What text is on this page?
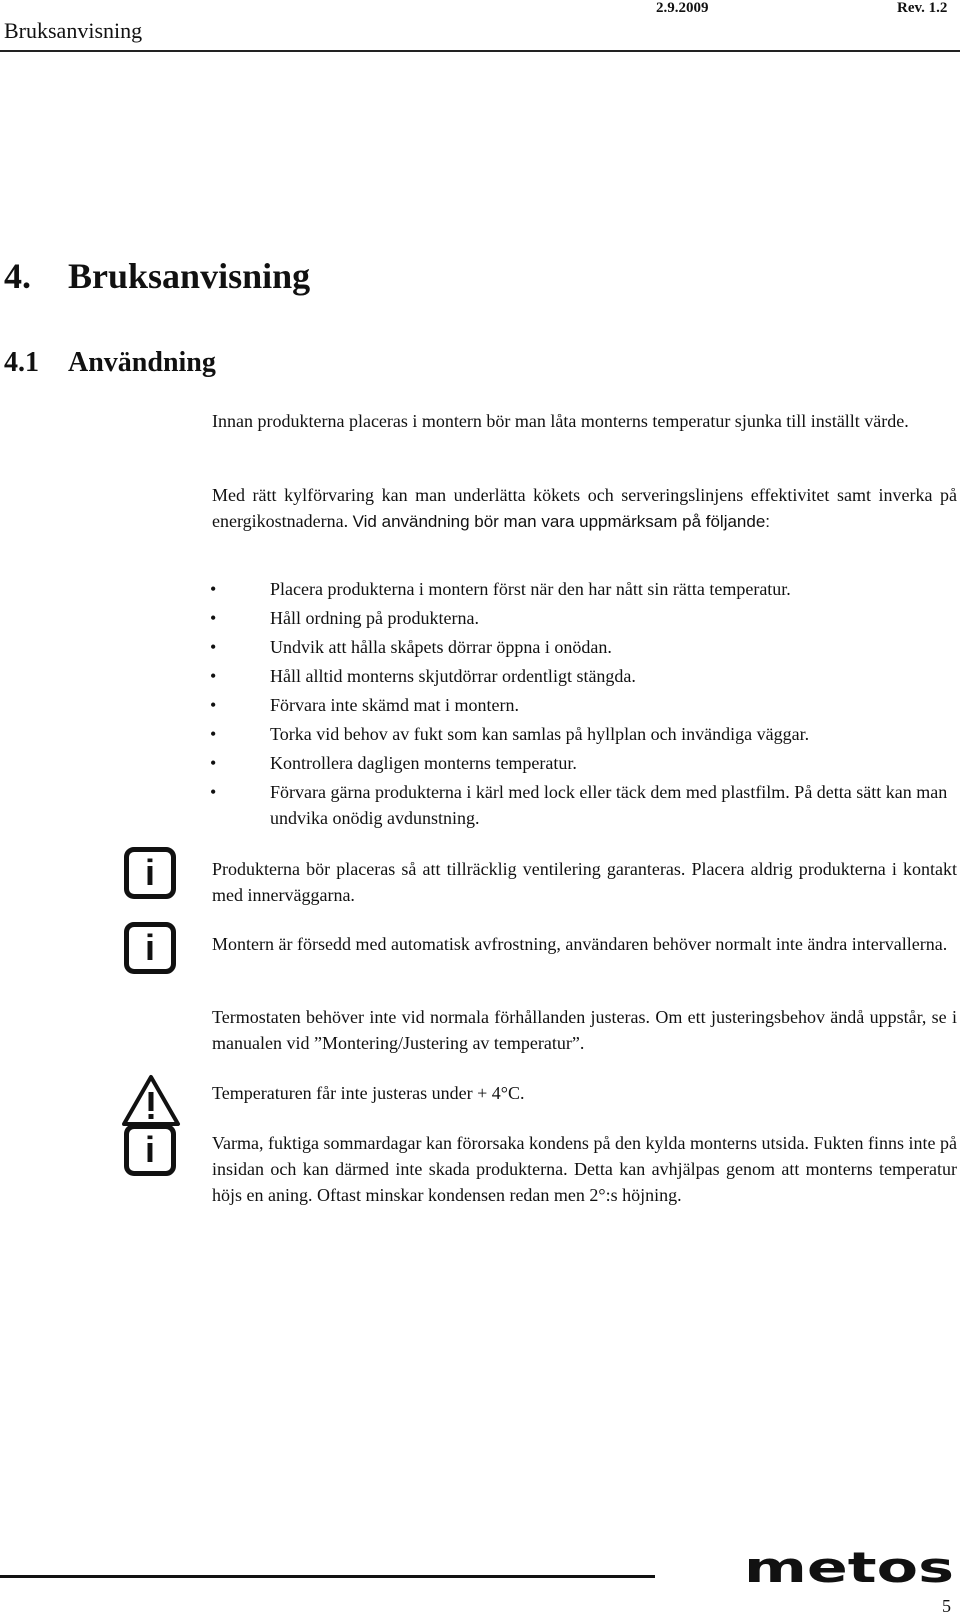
Bruksanvisning
2.9.2009	Rev. 1.2
4. Bruksanvisning
4.1 Användning

Innan produkterna placeras i montern bör man låta monterns temperatur sjunka till inställt värde.

Med rätt kylförvaring kan man underlätta kökets och serveringslinjens effektivitet samt inverka på energikostnaderna. Vid användning bör man vara uppmärksam på följande:

•	Placera produkterna i montern först när den har nått sin rätta temperatur.
•	Håll ordning på produkterna.
•	Undvik att hålla skåpets dörrar öppna i onödan.
•	Håll alltid monterns skjutdörrar ordentligt stängda.
•	Förvara inte skämd mat i montern.
•	Torka vid behov av fukt som kan samlas på hyllplan och invändiga väggar.
•	Kontrollera dagligen monterns temperatur.
•	Förvara gärna produkterna i kärl med lock eller täck dem med plastfilm. På detta sätt kan man undvika onödig avdunstning.
i	Produkterna bör placeras så att tillräcklig ventilering garanteras. Placera aldrig produkterna i kontakt med innerväggarna.

i	Montern är försedd med automatisk avfrostning, användaren behöver normalt inte ändra intervallerna.

Termostaten behöver inte vid normala förhållanden justeras. Om ett justeringsbehov ändå uppstår, se i manualen vid ”Montering/Justering av temperatur”.

Temperaturen får inte justeras under + 4°C.

i	Varma, fuktiga sommardagar kan förorsaka kondens på den kylda monterns utsida. Fukten finns inte på insidan och kan därmed inte skada produkterna. Detta kan avhjälpas genom att monterns temperatur höjs en aning. Oftast minskar kondensen redan men 2°:s höjning.

metos
5
